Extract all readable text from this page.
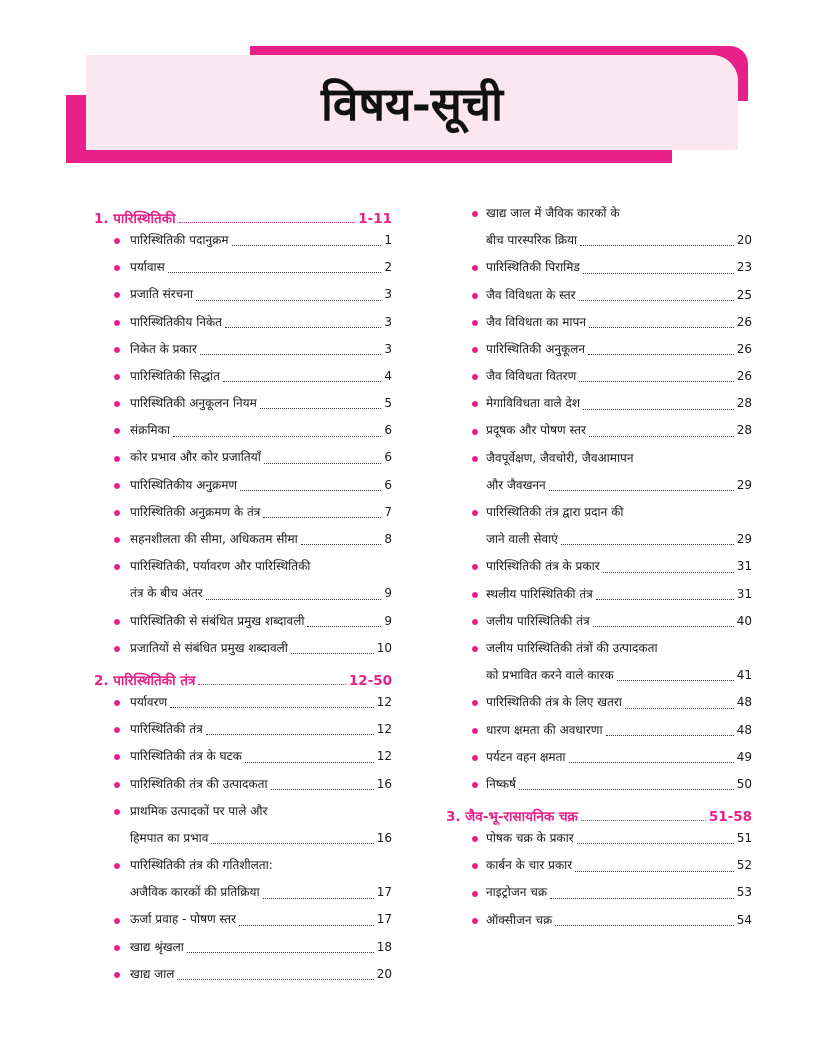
विषय-सूची
1. पारिस्थितिकी	1-11
पारिस्थितिकी पदानुक्रम	1
पर्यावास	2
प्रजाति संरचना	3
पारिस्थितिकीय निकेत	3
निकेत के प्रकार	3
पारिस्थितिकी सिद्धांत	4
पारिस्थितिकी अनुकूलन नियम	5
संक्रमिका	6
कोर प्रभाव और कोर प्रजातियाँ	6
पारिस्थितिकीय अनुक्रमण	6
पारिस्थितिकी अनुक्रमण के तंत्र	7
सहनशीलता की सीमा, अधिकतम सीमा	8
पारिस्थितिकी, पर्यावरण और पारिस्थितिकी
तंत्र के बीच अंतर	9
पारिस्थितिकी से संबंधित प्रमुख शब्दावली	9
प्रजातियों से संबंधित प्रमुख शब्दावली	10
2. पारिस्थितिकी तंत्र	12-50
पर्यावरण	12
पारिस्थितिकी तंत्र	12
पारिस्थितिकी तंत्र के घटक	12
पारिस्थितिकी तंत्र की उत्पादकता	16
प्राथमिक उत्पादकों पर पाले और
हिमपात का प्रभाव	16
पारिस्थितिकी तंत्र की गतिशीलता:
अजैविक कारकों की प्रतिक्रिया	17
ऊर्जा प्रवाह - पोषण स्तर	17
खाद्य श्रृंखला	18
खाद्य जाल	20
खाद्य जाल में जैविक कारकों के
बीच पारस्परिक क्रिया	20
पारिस्थितिकी पिरामिड	23
जैव विविधता के स्तर	25
जैव विविधता का मापन	26
पारिस्थितिकी अनुकूलन	26
जैव विविधता वितरण	26
मेगाविविधता वाले देश	28
प्रदूषक और पोषण स्तर	28
जैवपूर्वेक्षण, जैवचोरी, जैवआमापन
और जैवखनन	29
पारिस्थितिकी तंत्र द्वारा प्रदान की
जाने वाली सेवाएं	29
पारिस्थितिकी तंत्र के प्रकार	31
स्थलीय पारिस्थितिकी तंत्र	31
जलीय पारिस्थितिकी तंत्र	40
जलीय पारिस्थितिकी तंत्रों की उत्पादकता
को प्रभावित करने वाले कारक	41
पारिस्थितिकी तंत्र के लिए खतरा	48
धारण क्षमता की अवधारणा	48
पर्यटन वहन क्षमता	49
निष्कर्ष	50
3. जैव-भू-रासायनिक चक्र	51-58
पोषक चक्र के प्रकार	51
कार्बन के चार प्रकार	52
नाइट्रोजन चक्र	53
ऑक्सीजन चक्र	54
